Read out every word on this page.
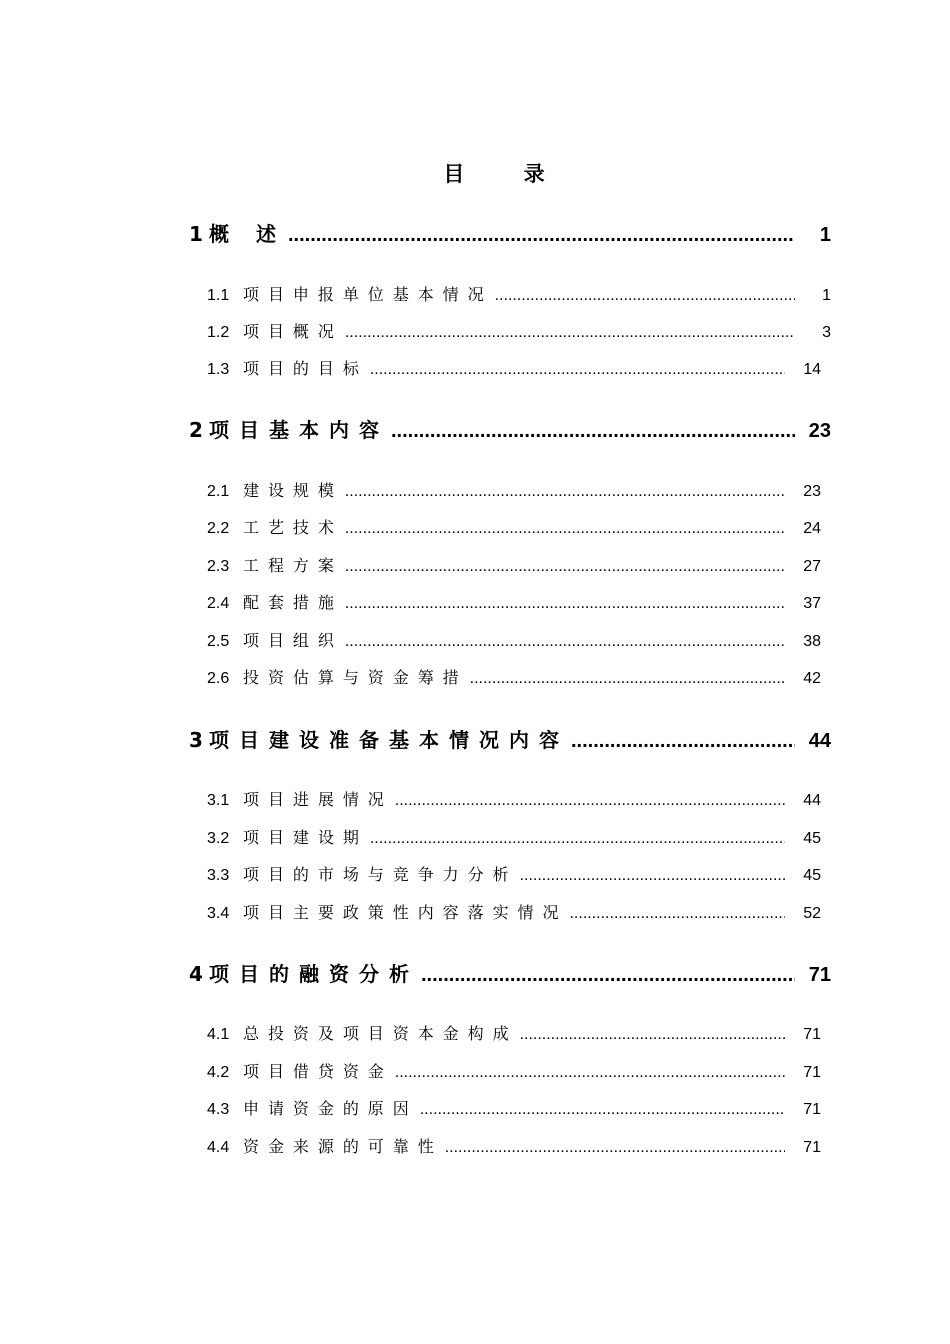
目 录
1 概 述 .....	1
1.1 项目申报单位基本情况 .....	1
1.2 项目概况 .....	3
1.3 项目的目标 .....	14
2 项目基本内容 .....	23
2.1 建设规模 .....	23
2.2 工艺技术 .....	24
2.3 工程方案 .....	27
2.4 配套措施 .....	37
2.5 项目组织 .....	38
2.6 投资估算与资金筹措 .....	42
3 项目建设准备基本情况内容 .....	44
3.1 项目进展情况 .....	44
3.2 项目建设期 .....	45
3.3 项目的市场与竞争力分析 .....	45
3.4 项目主要政策性内容落实情况 .....	52
4 项目的融资分析 .....	71
4.1 总投资及项目资本金构成 .....	71
4.2 项目借贷资金 .....	71
4.3 申请资金的原因 .....	71
4.4 资金来源的可靠性 .....	71
